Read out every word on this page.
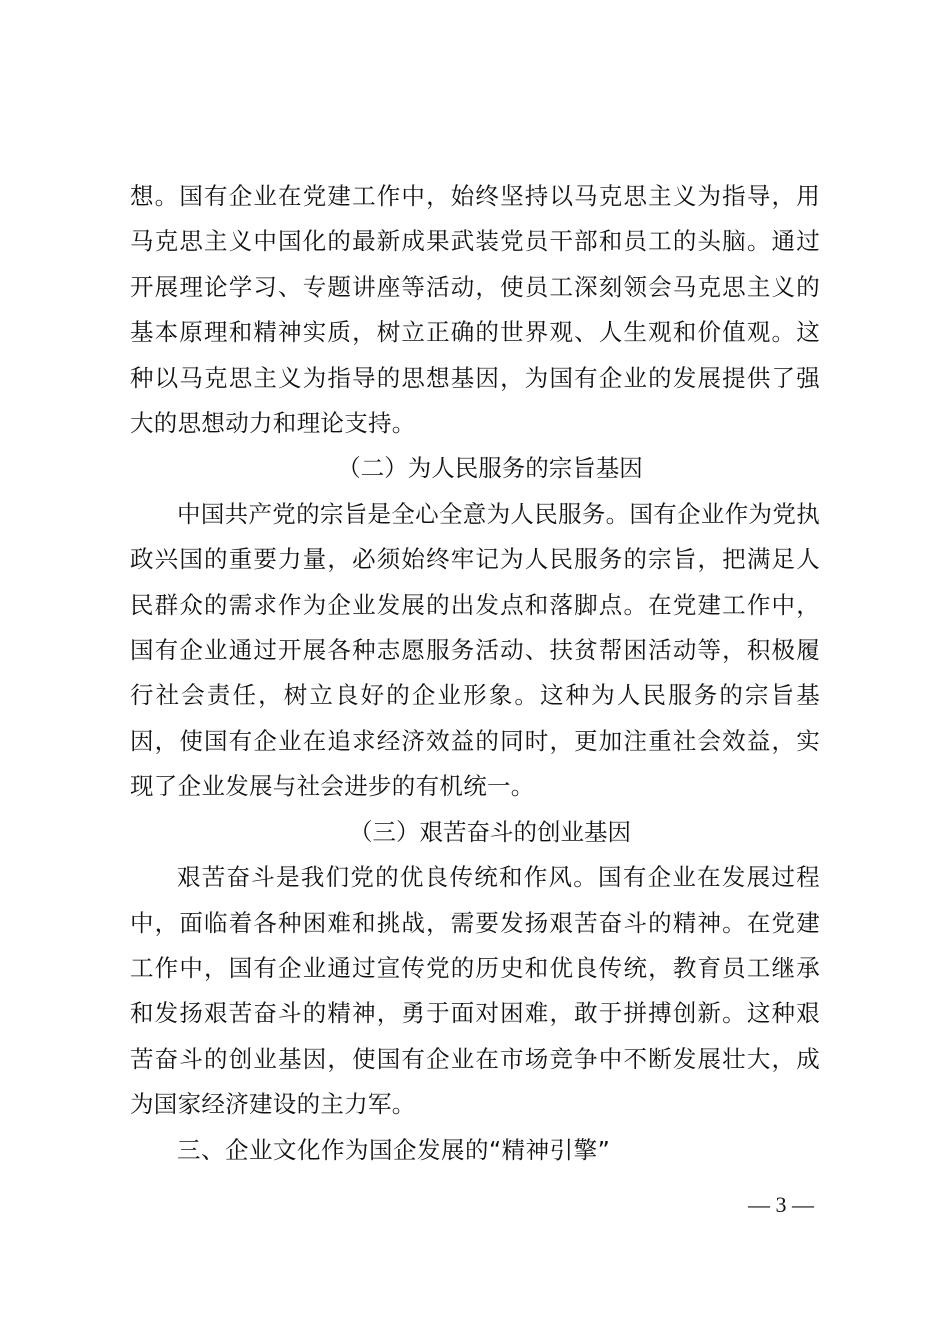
想。国有企业在党建工作中，始终坚持以马克思主义为指导，用马克思主义中国化的最新成果武装党员干部和员工的头脑。通过开展理论学习、专题讲座等活动，使员工深刻领会马克思主义的基本原理和精神实质，树立正确的世界观、人生观和价值观。这种以马克思主义为指导的思想基因，为国有企业的发展提供了强大的思想动力和理论支持。

（二）为人民服务的宗旨基因

中国共产党的宗旨是全心全意为人民服务。国有企业作为党执政兴国的重要力量，必须始终牢记为人民服务的宗旨，把满足人民群众的需求作为企业发展的出发点和落脚点。在党建工作中，国有企业通过开展各种志愿服务活动、扶贫帮困活动等，积极履行社会责任，树立良好的企业形象。这种为人民服务的宗旨基因，使国有企业在追求经济效益的同时，更加注重社会效益，实现了企业发展与社会进步的有机统一。

（三）艰苦奋斗的创业基因

艰苦奋斗是我们党的优良传统和作风。国有企业在发展过程中，面临着各种困难和挑战，需要发扬艰苦奋斗的精神。在党建工作中，国有企业通过宣传党的历史和优良传统，教育员工继承和发扬艰苦奋斗的精神，勇于面对困难，敢于拼搏创新。这种艰苦奋斗的创业基因，使国有企业在市场竞争中不断发展壮大，成为国家经济建设的主力军。

三、企业文化作为国企发展的“精神引擎”

— 3 —
